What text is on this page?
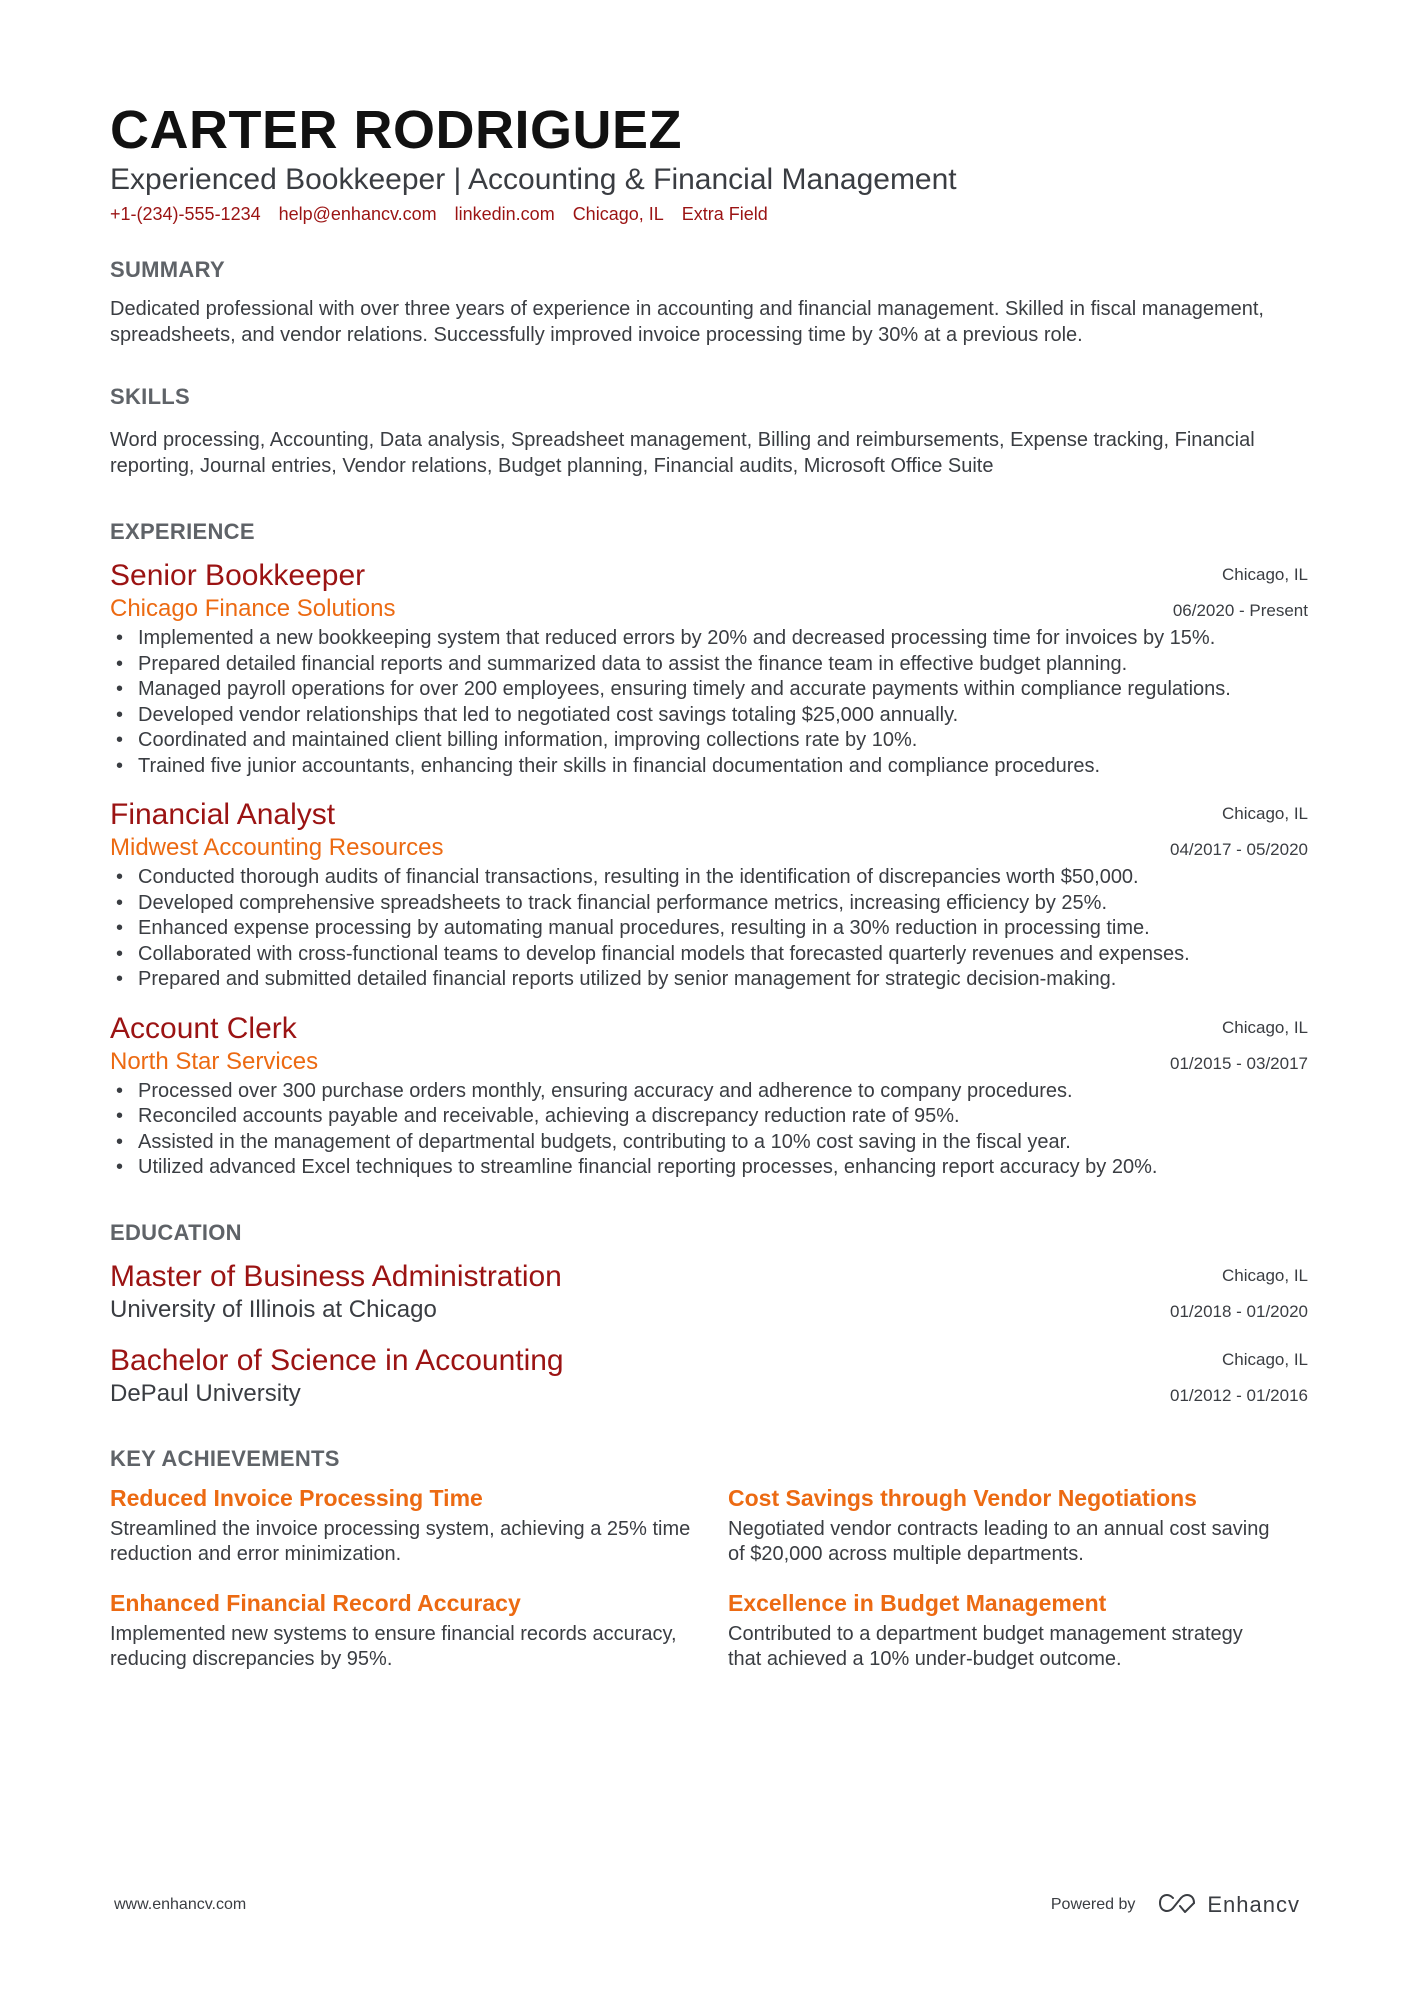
CARTER RODRIGUEZ
Experienced Bookkeeper | Accounting & Financial Management
+1-(234)-555-1234 help@enhancv.com linkedin.com Chicago, IL Extra Field
SUMMARY

Dedicated professional with over three years of experience in accounting and financial management. Skilled in fiscal management, spreadsheets, and vendor relations. Successfully improved invoice processing time by 30% at a previous role.

SKILLS

Word processing, Accounting, Data analysis, Spreadsheet management, Billing and reimbursements, Expense tracking, Financial reporting, Journal entries, Vendor relations, Budget planning, Financial audits, Microsoft Office Suite

EXPERIENCE
Senior Bookkeeper	Chicago, IL
Chicago Finance Solutions	06/2020 - Present
• Implemented a new bookkeeping system that reduced errors by 20% and decreased processing time for invoices by 15%.
• Prepared detailed financial reports and summarized data to assist the finance team in effective budget planning.
• Managed payroll operations for over 200 employees, ensuring timely and accurate payments within compliance regulations.
• Developed vendor relationships that led to negotiated cost savings totaling $25,000 annually.
• Coordinated and maintained client billing information, improving collections rate by 10%.
• Trained five junior accountants, enhancing their skills in financial documentation and compliance procedures.
Financial Analyst	Chicago, IL
Midwest Accounting Resources	04/2017 - 05/2020
• Conducted thorough audits of financial transactions, resulting in the identification of discrepancies worth $50,000.
• Developed comprehensive spreadsheets to track financial performance metrics, increasing efficiency by 25%.
• Enhanced expense processing by automating manual procedures, resulting in a 30% reduction in processing time.
• Collaborated with cross-functional teams to develop financial models that forecasted quarterly revenues and expenses.
• Prepared and submitted detailed financial reports utilized by senior management for strategic decision-making.
Account Clerk	Chicago, IL
North Star Services	01/2015 - 03/2017
• Processed over 300 purchase orders monthly, ensuring accuracy and adherence to company procedures.
• Reconciled accounts payable and receivable, achieving a discrepancy reduction rate of 95%.
• Assisted in the management of departmental budgets, contributing to a 10% cost saving in the fiscal year.
• Utilized advanced Excel techniques to streamline financial reporting processes, enhancing report accuracy by 20%.
EDUCATION
Master of Business Administration	Chicago, IL
University of Illinois at Chicago	01/2018 - 01/2020
Bachelor of Science in Accounting	Chicago, IL
DePaul University	01/2012 - 01/2016
KEY ACHIEVEMENTS
Reduced Invoice Processing Time
Streamlined the invoice processing system, achieving a 25% time reduction and error minimization.
Cost Savings through Vendor Negotiations
Negotiated vendor contracts leading to an annual cost saving of $20,000 across multiple departments.
Enhanced Financial Record Accuracy
Implemented new systems to ensure financial records accuracy, reducing discrepancies by 95%.
Excellence in Budget Management
Contributed to a department budget management strategy that achieved a 10% under-budget outcome.
www.enhancv.com	Powered by	Enhancv
